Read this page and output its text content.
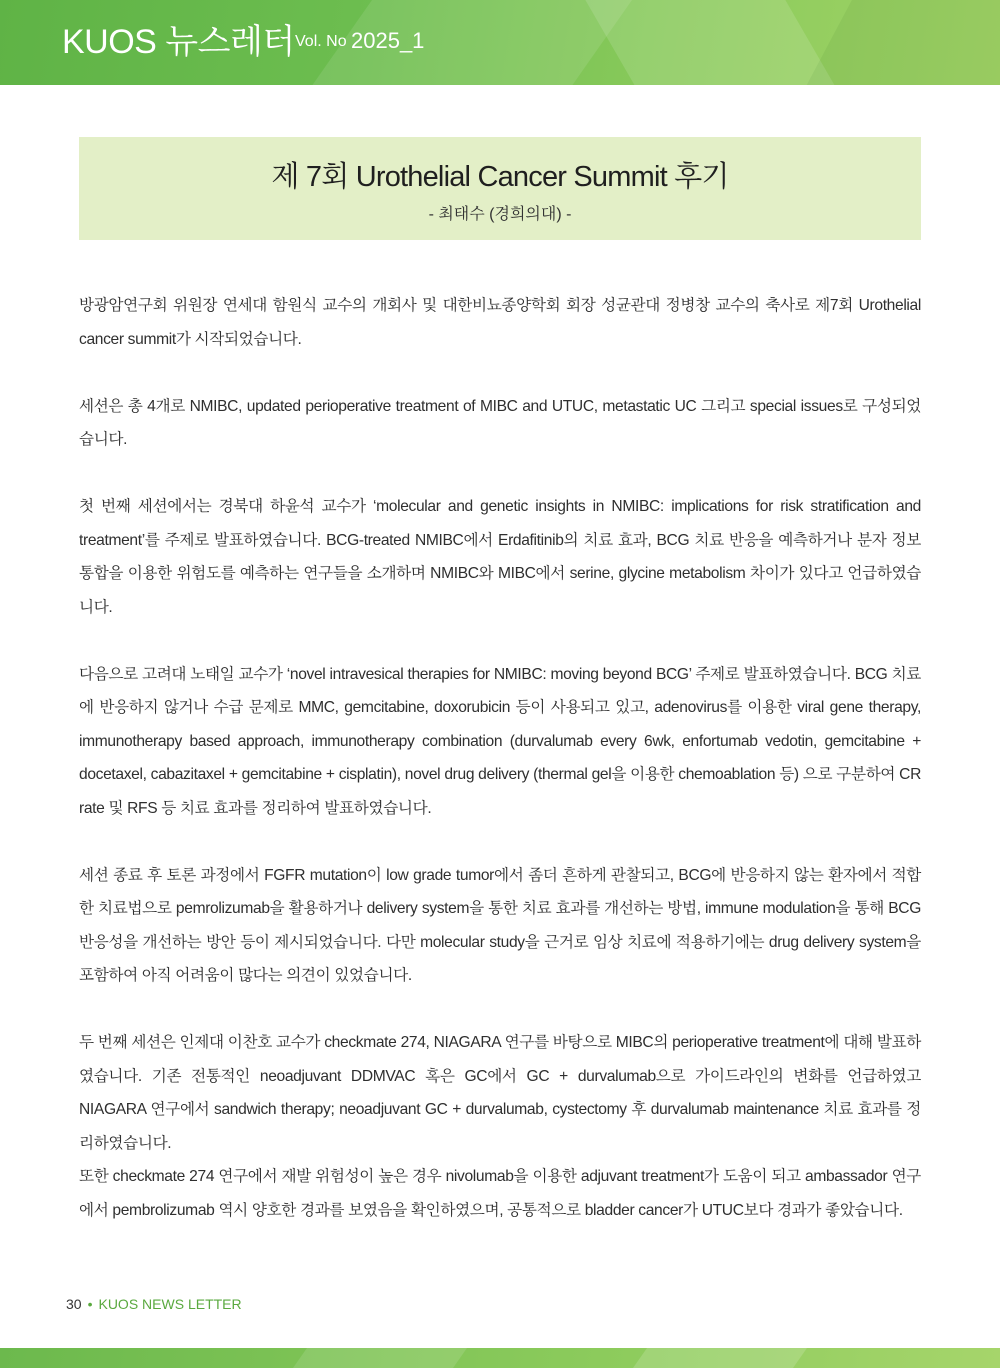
KUOS 뉴스레터 Vol. No 2025_1
제 7회 Urothelial Cancer Summit 후기
- 최태수 (경희의대) -

방광암연구회 위원장 연세대 함원식 교수의 개회사 및 대한비뇨종양학회 회장 성균관대 정병창 교수의 축사로 제7회 Urothelial cancer summit가 시작되었습니다.

세션은 총 4개로 NMIBC, updated perioperative treatment of MIBC and UTUC, metastatic UC 그리고 special issues로 구성되었습니다.

첫 번째 세션에서는 경북대 하윤석 교수가 ‘molecular and genetic insights in NMIBC: implications for risk stratification and treatment’를 주제로 발표하였습니다. BCG-treated NMIBC에서 Erdafitinib의 치료 효과, BCG 치료 반응을 예측하거나 분자 정보 통합을 이용한 위험도를 예측하는 연구들을 소개하며 NMIBC와 MIBC에서 serine, glycine metabolism 차이가 있다고 언급하였습니다.

다음으로 고려대 노태일 교수가 ‘novel intravesical therapies for NMIBC: moving beyond BCG’ 주제로 발표하였습니다. BCG 치료에 반응하지 않거나 수급 문제로 MMC, gemcitabine, doxorubicin 등이 사용되고 있고, adenovirus를 이용한 viral gene therapy, immunotherapy based approach, immunotherapy combination (durvalumab every 6wk, enfortumab vedotin, gemcitabine + docetaxel, cabazitaxel + gemcitabine + cisplatin), novel drug delivery (thermal gel을 이용한 chemoablation 등) 으로 구분하여 CR rate 및 RFS 등 치료 효과를 정리하여 발표하였습니다.

세션 종료 후 토론 과정에서 FGFR mutation이 low grade tumor에서 좀더 흔하게 관찰되고, BCG에 반응하지 않는 환자에서 적합한 치료법으로 pemrolizumab을 활용하거나 delivery system을 통한 치료 효과를 개선하는 방법, immune modulation을 통해 BCG 반응성을 개선하는 방안 등이 제시되었습니다. 다만 molecular study을 근거로 임상 치료에 적용하기에는 drug delivery system을 포함하여 아직 어려움이 많다는 의견이 있었습니다.

두 번째 세션은 인제대 이찬호 교수가 checkmate 274, NIAGARA 연구를 바탕으로 MIBC의 perioperative treatment에 대해 발표하였습니다. 기존 전통적인 neoadjuvant DDMVAC 혹은 GC에서 GC + durvalumab으로 가이드라인의 변화를 언급하였고 NIAGARA 연구에서 sandwich therapy; neoadjuvant GC + durvalumab, cystectomy 후 durvalumab maintenance 치료 효과를 정리하였습니다.

또한 checkmate 274 연구에서 재발 위험성이 높은 경우 nivolumab을 이용한 adjuvant treatment가 도움이 되고 ambassador 연구에서 pembrolizumab 역시 양호한 경과를 보였음을 확인하였으며, 공통적으로 bladder cancer가 UTUC보다 경과가 좋았습니다.

30 • KUOS NEWS LETTER
